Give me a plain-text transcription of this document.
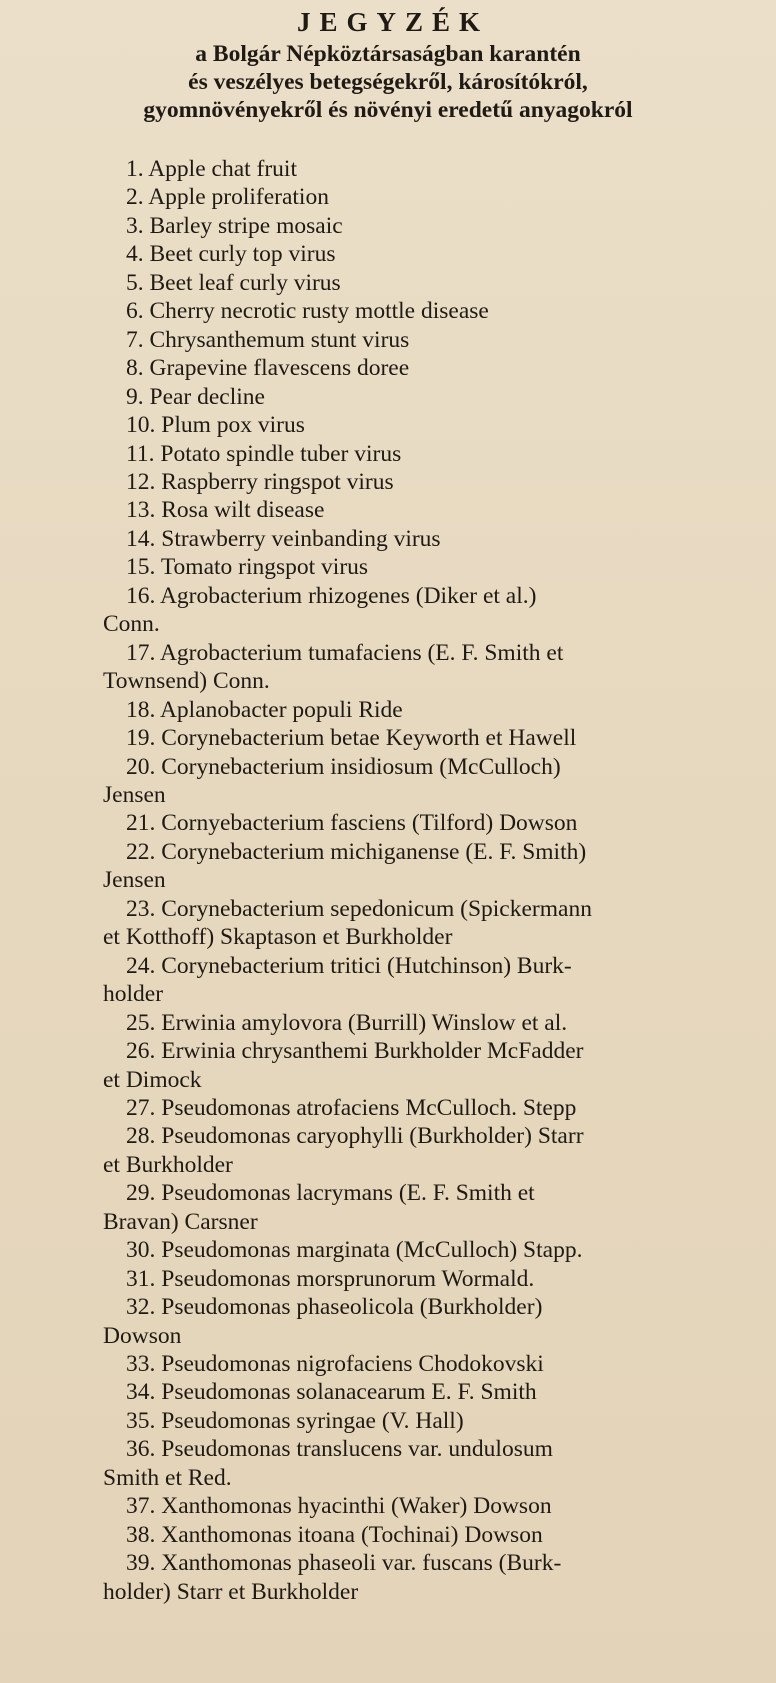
JEGYZÉK
a Bolgár Népköztársaságban karantén
és veszélyes betegségekről, károsítókról,
gyomnövényekről és növényi eredetű anyagokról
1. Apple chat fruit
2. Apple proliferation
3. Barley stripe mosaic
4. Beet curly top virus
5. Beet leaf curly virus
6. Cherry necrotic rusty mottle disease
7. Chrysanthemum stunt virus
8. Grapevine flavescens doree
9. Pear decline
10. Plum pox virus
11. Potato spindle tuber virus
12. Raspberry ringspot virus
13. Rosa wilt disease
14. Strawberry veinbanding virus
15. Tomato ringspot virus
16. Agrobacterium rhizogenes (Diker et al.)
Conn.
17. Agrobacterium tumafaciens (E. F. Smith et
Townsend) Conn.
18. Aplanobacter populi Ride
19. Corynebacterium betae Keyworth et Hawell
20. Corynebacterium insidiosum (McCulloch)
Jensen
21. Cornyebacterium fasciens (Tilford) Dowson
22. Corynebacterium michiganense (E. F. Smith)
Jensen
23. Corynebacterium sepedonicum (Spickermann
et Kotthoff) Skaptason et Burkholder
24. Corynebacterium tritici (Hutchinson) Burk-
holder
25. Erwinia amylovora (Burrill) Winslow et al.
26. Erwinia chrysanthemi Burkholder McFadder
et Dimock
27. Pseudomonas atrofaciens McCulloch. Stepp
28. Pseudomonas caryophylli (Burkholder) Starr
et Burkholder
29. Pseudomonas lacrymans (E. F. Smith et
Bravan) Carsner
30. Pseudomonas marginata (McCulloch) Stapp.
31. Pseudomonas morsprunorum Wormald.
32. Pseudomonas phaseolicola (Burkholder)
Dowson
33. Pseudomonas nigrofaciens Chodokovski
34. Pseudomonas solanacearum E. F. Smith
35. Pseudomonas syringae (V. Hall)
36. Pseudomonas translucens var. undulosum
Smith et Red.
37. Xanthomonas hyacinthi (Waker) Dowson
38. Xanthomonas itoana (Tochinai) Dowson
39. Xanthomonas phaseoli var. fuscans (Burk-
holder) Starr et Burkholder
